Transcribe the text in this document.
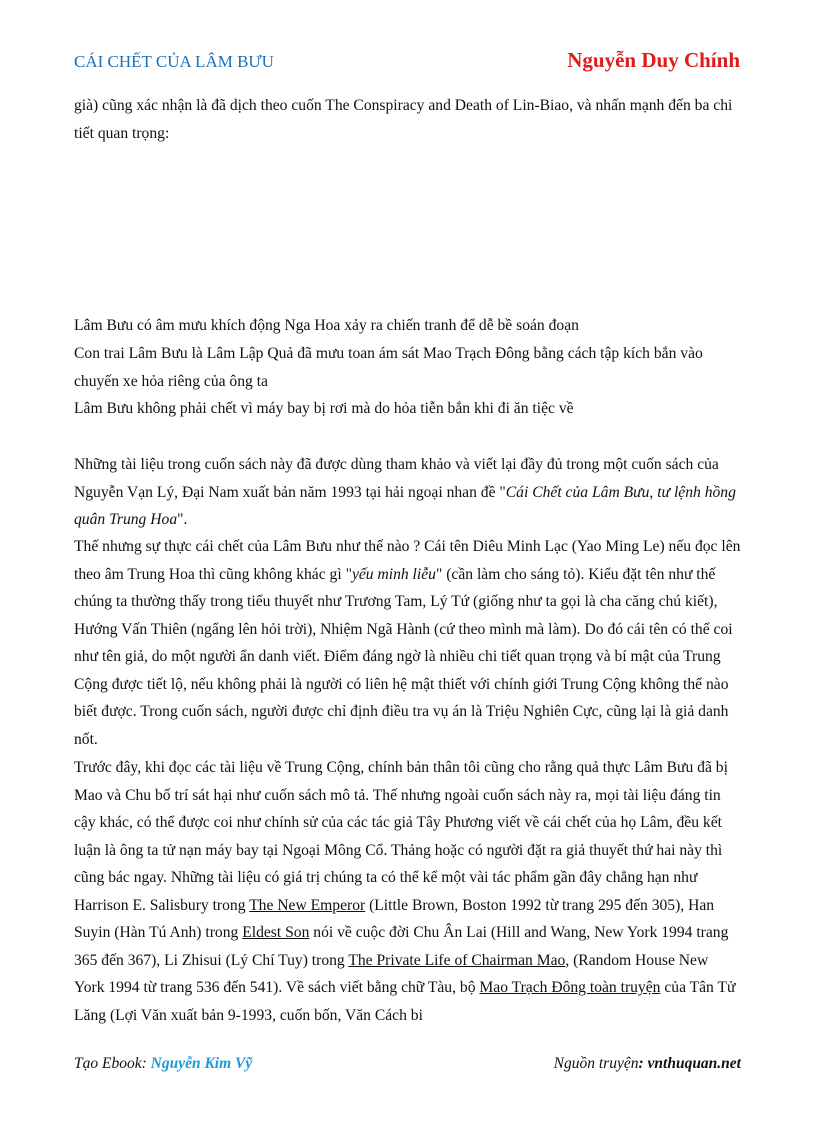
CÁI CHẾT CỦA LÂM BƯU	Nguyễn Duy Chính

già) cũng xác nhận là đã dịch theo cuốn The Conspiracy and Death of Lin-Biao, và nhấn mạnh đến ba chi tiết quan trọng:

Lâm Bưu có âm mưu khích động Nga Hoa xảy ra chiến tranh để dễ bề soán đoạn

Con trai Lâm Bưu là Lâm Lập Quả đã mưu toan ám sát Mao Trạch Đông bằng cách tập kích bắn vào chuyến xe hỏa riêng của ông ta

Lâm Bưu không phải chết vì máy bay bị rơi mà do hỏa tiễn bắn khi đi ăn tiệc về

Những tài liệu trong cuốn sách này đã được dùng tham khảo và viết lại đầy đủ trong một cuốn sách của Nguyễn Vạn Lý, Đại Nam xuất bản năm 1993 tại hải ngoại nhan đề "Cái Chết của Lâm Bưu, tư lệnh hồng quân Trung Hoa".

Thế nhưng sự thực cái chết của Lâm Bưu như thế nào ? Cái tên Diêu Minh Lạc (Yao Ming Le) nếu đọc lên theo âm Trung Hoa thì cũng không khác gì "yếu minh liễu" (cần làm cho sáng tỏ). Kiểu đặt tên như thế chúng ta thường thấy trong tiểu thuyết như Trương Tam, Lý Tứ (giống như ta gọi là cha căng chú kiết), Hướng Vấn Thiên (ngẩng lên hỏi trời), Nhiệm Ngã Hành (cứ theo mình mà làm). Do đó cái tên có thể coi như tên giả, do một người ẩn danh viết. Điểm đáng ngờ là nhiều chi tiết quan trọng và bí mật của Trung Cộng được tiết lộ, nếu không phải là người có liên hệ mật thiết với chính giới Trung Cộng không thể nào biết được. Trong cuốn sách, người được chỉ định điều tra vụ án là Triệu Nghiên Cực, cũng lại là giả danh nốt.

Trước đây, khi đọc các tài liệu về Trung Cộng, chính bản thân tôi cũng cho rằng quả thực Lâm Bưu đã bị Mao và Chu bố trí sát hại như cuốn sách mô tả. Thế nhưng ngoài cuốn sách này ra, mọi tài liệu đáng tin cậy khác, có thể được coi như chính sử của các tác giả Tây Phương viết về cái chết của họ Lâm, đều kết luận là ông ta tử nạn máy bay tại Ngoại Mông Cổ. Thảng hoặc có người đặt ra giả thuyết thứ hai này thì cũng bác ngay. Những tài liệu có giá trị chúng ta có thể kể một vài tác phẩm gần đây chẳng hạn như Harrison E. Salisbury trong The New Emperor (Little Brown, Boston 1992 từ trang 295 đến 305), Han Suyin (Hàn Tú Anh) trong Eldest Son nói về cuộc đời Chu Ân Lai (Hill and Wang, New York 1994 trang 365 đến 367), Li Zhisui (Lý Chí Tuy) trong The Private Life of Chairman Mao, (Random House New York 1994 từ trang 536 đến 541). Về sách viết bằng chữ Tàu, bộ Mao Trạch Đông toàn truyện của Tân Tử Lăng (Lợi Văn xuất bản 9-1993, cuốn bốn, Văn Cách bi

Tạo Ebook: Nguyễn Kim Vỹ	Nguồn truyện: vnthuquan.net
